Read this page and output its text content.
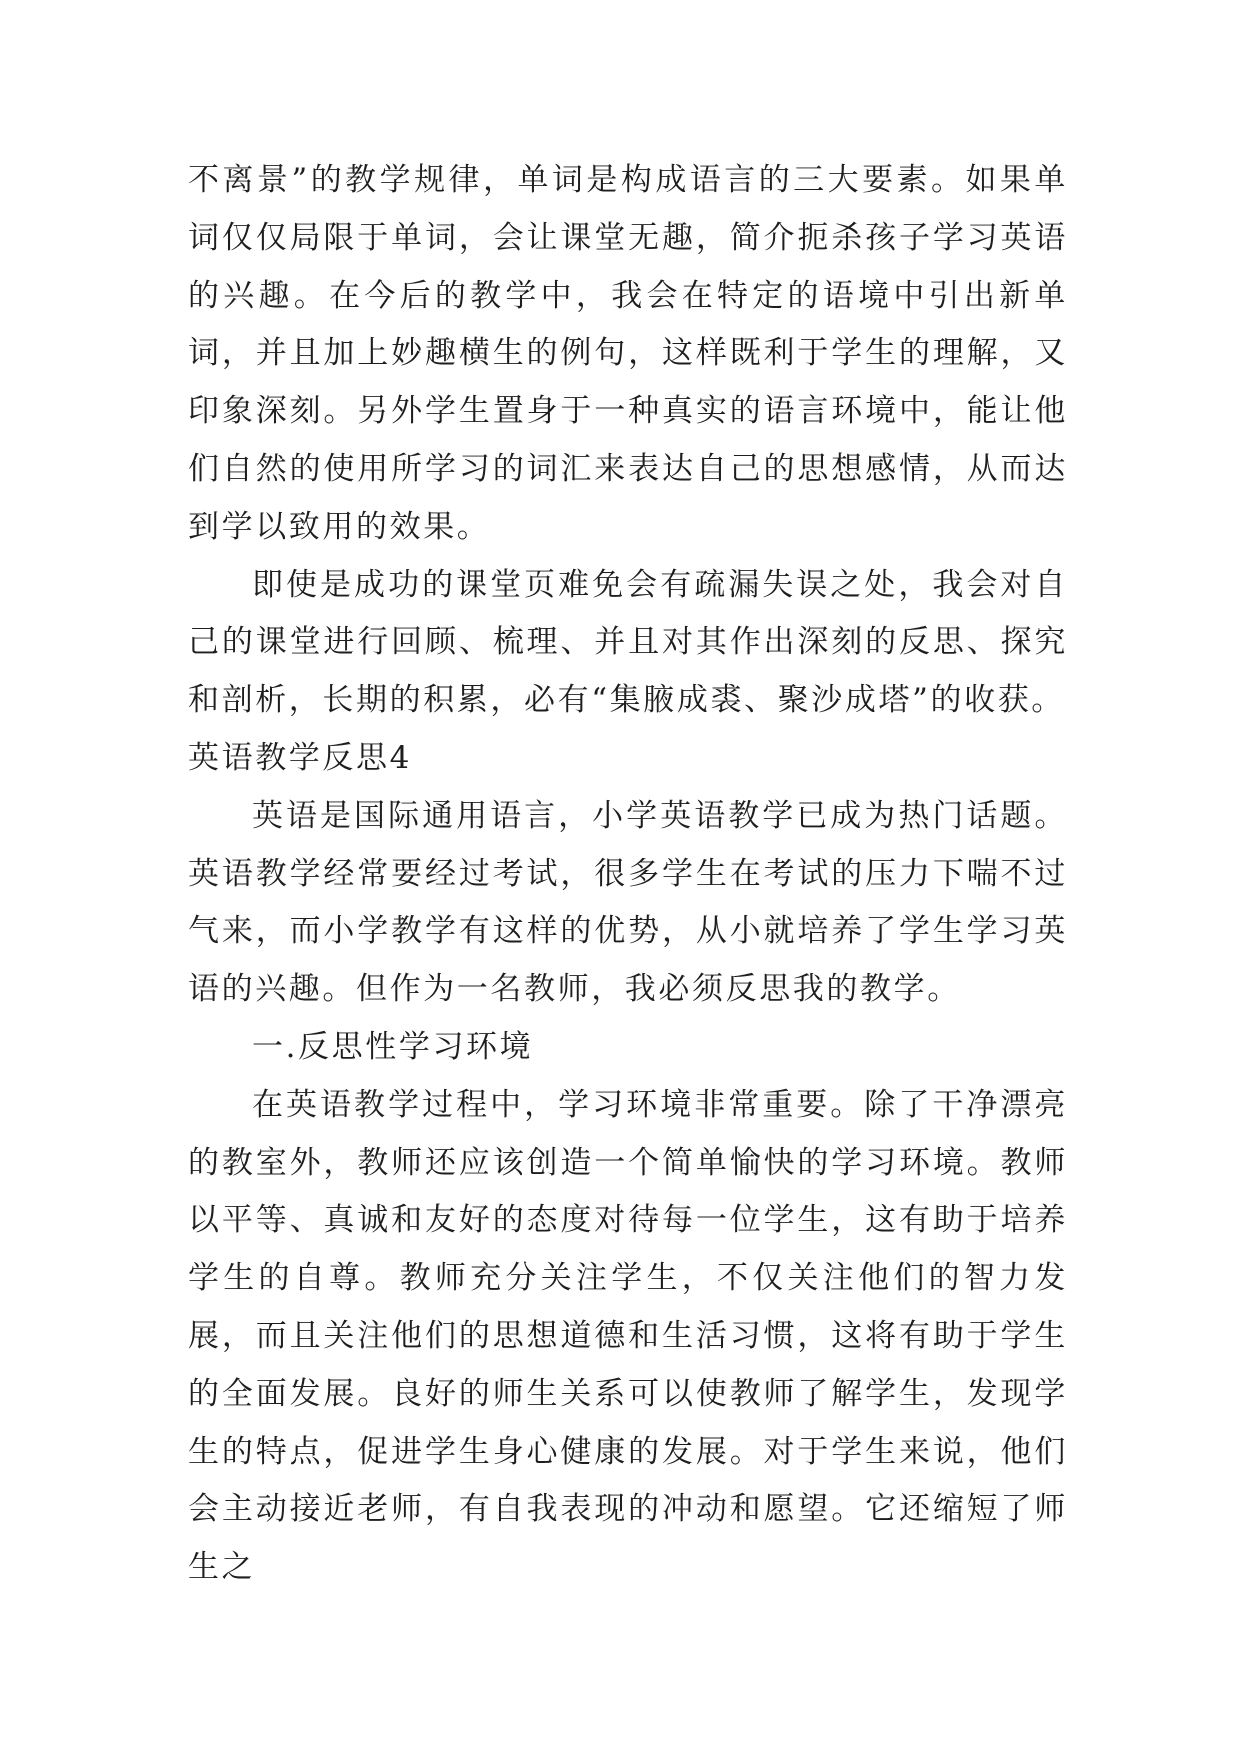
不离景”的教学规律，单词是构成语言的三大要素。如果单词仅仅局限于单词，会让课堂无趣，简介扼杀孩子学习英语的兴趣。在今后的教学中，我会在特定的语境中引出新单词，并且加上妙趣横生的例句，这样既利于学生的理解，又印象深刻。另外学生置身于一种真实的语言环境中，能让他们自然的使用所学习的词汇来表达自己的思想感情，从而达到学以致用的效果。

即使是成功的课堂页难免会有疏漏失误之处，我会对自己的课堂进行回顾、梳理、并且对其作出深刻的反思、探究和剖析，长期的积累，必有“集腋成裘、聚沙成塔”的收获。

英语教学反思4

英语是国际通用语言，小学英语教学已成为热门话题。英语教学经常要经过考试，很多学生在考试的压力下喘不过气来，而小学教学有这样的优势，从小就培养了学生学习英语的兴趣。但作为一名教师，我必须反思我的教学。

一.反思性学习环境

在英语教学过程中，学习环境非常重要。除了干净漂亮的教室外，教师还应该创造一个简单愉快的学习环境。教师以平等、真诚和友好的态度对待每一位学生，这有助于培养学生的自尊。教师充分关注学生，不仅关注他们的智力发展，而且关注他们的思想道德和生活习惯，这将有助于学生的全面发展。良好的师生关系可以使教师了解学生，发现学生的特点，促进学生身心健康的发展。对于学生来说，他们会主动接近老师，有自我表现的冲动和愿望。它还缩短了师生之
